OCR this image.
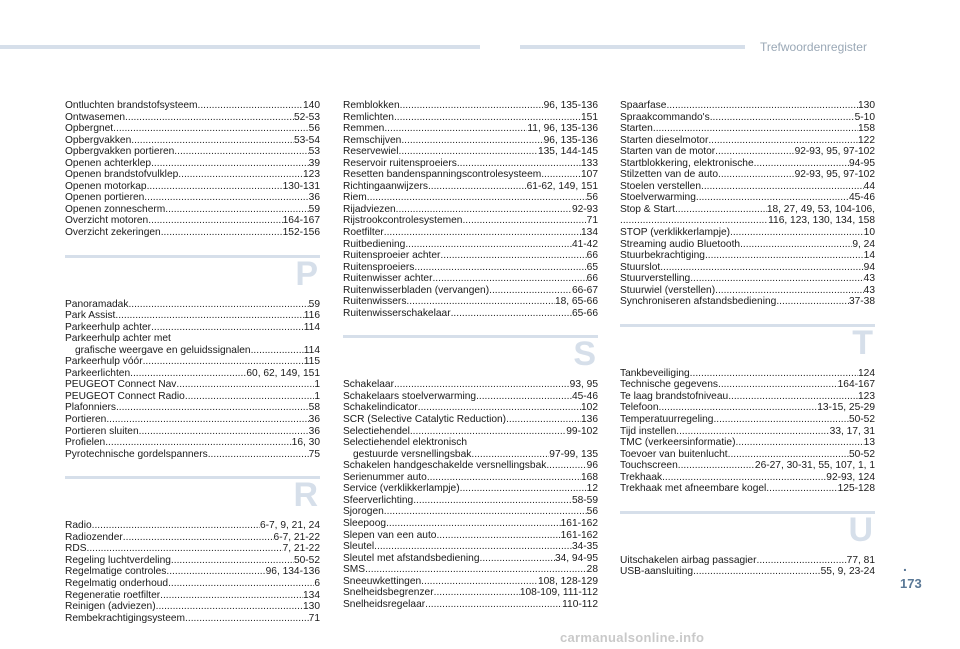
Trefwoordenregister
Ontluchten brandstofsysteem .....	140
Ontwasemen .....	52-53
Opbergnet .....	56
Opbergvakken .....	53-54
Opbergvakken portieren .....	53
Openen achterklep .....	39
Openen brandstofvulklep .....	123
Openen motorkap .....	130-131
Openen portieren .....	36
Openen zonnescherm .....	59
Overzicht motoren .....	164-167
Overzicht zekeringen .....	152-156
P
Panoramadak .....	59
Park Assist .....	116
Parkeerhulp achter .....	114
Parkeerhulp achter met
grafische weergave en geluidssignalen .....	114
Parkeerhulp vóór .....	115
Parkeerlichten .....	60, 62, 149, 151
PEUGEOT Connect Nav .....	1
PEUGEOT Connect Radio .....	1
Plafonniers .....	58
Portieren .....	36
Portieren sluiten .....	36
Profielen .....	16, 30
Pyrotechnische gordelspanners .....	75
R
Radio .....	6-7, 9, 21, 24
Radiozender .....	6-7, 21-22
RDS .....	7, 21-22
Regeling luchtverdeling .....	50-52
Regelmatige controles .....	96, 134-136
Regelmatig onderhoud .....	6
Regeneratie roetfilter .....	134
Reinigen (adviezen) .....	130
Rembekrachtigingsysteem .....	71
Remblokken .....	96, 135-136
Remlichten .....	151
Remmen .....	11, 96, 135-136
Remschijven .....	96, 135-136
Reservewiel .....	135, 144-145
Reservoir ruitensproeiers .....	133
Resetten bandenspanningscontrolesysteem .....	107
Richtingaanwijzers .....	61-62, 149, 151
Riem .....	56
Rijadviezen .....	92-93
Rijstrookcontrolesystemen .....	71
Roetfilter .....	134
Ruitbediening .....	41-42
Ruitensproeier achter .....	66
Ruitensproeiers .....	65
Ruitenwisser achter .....	66
Ruitenwisserbladen (vervangen) .....	66-67
Ruitenwissers .....	18, 65-66
Ruitenwisserschakelaar .....	65-66
S
Schakelaar .....	93, 95
Schakelaars stoelverwarming .....	45-46
Schakelindicator .....	102
SCR (Selective Catalytic Reduction) .....	136
Selectiehendel .....	99-102
Selectiehendel elektronisch
gestuurde versnellingsbak .....	97-99, 135
Schakelen handgeschakelde versnellingsbak .....	96
Serienummer auto .....	168
Service (verklikkerlampje) .....	12
Sfeerverlichting .....	58-59
Sjorogen .....	56
Sleepoog .....	161-162
Slepen van een auto .....	161-162
Sleutel .....	34-35
Sleutel met afstandsbediening .....	34, 94-95
SMS .....	28
Sneeuwkettingen .....	108, 128-129
Snelheidsbegrenzer .....	108-109, 111-112
Snelheidsregelaar .....	110-112
Spaarfase .....	130
Spraakcommando's .....	5-10
Starten .....	158
Starten dieselmotor .....	122
Starten van de motor .....	92-93, 95, 97-102
Startblokkering, elektronische .....	94-95
Stilzetten van de auto .....	92-93, 95, 97-102
Stoelen verstellen .....	44
Stoelverwarming .....	45-46
Stop & Start .....	18, 27, 49, 53, 104-106,
.....
116, 123, 130, 134, 158
STOP (verklikkerlampje) .....	10
Streaming audio Bluetooth .....	9, 24
Stuurbekrachtiging .....	14
Stuurslot .....	94
Stuurverstelling .....	43
Stuurwiel (verstellen) .....	43
Synchroniseren afstandsbediening .....	37-38
T
Tankbeveiliging .....	124
Technische gegevens .....	164-167
Te laag brandstofniveau .....	123
Telefoon .....	13-15, 25-29
Temperatuurregeling .....	50-52
Tijd instellen .....	33, 17, 31
TMC (verkeersinformatie) .....	13
Toevoer van buitenlucht .....	50-52
Touchscreen .....	26-27, 30-31, 55, 107, 1, 1
Trekhaak .....	92-93, 124
Trekhaak met afneembare kogel .....	125-128
U
Uitschakelen airbag passagier .....	77, 81
USB-aansluiting .....	55, 9, 23-24 .
173
carmanualsonline.info
